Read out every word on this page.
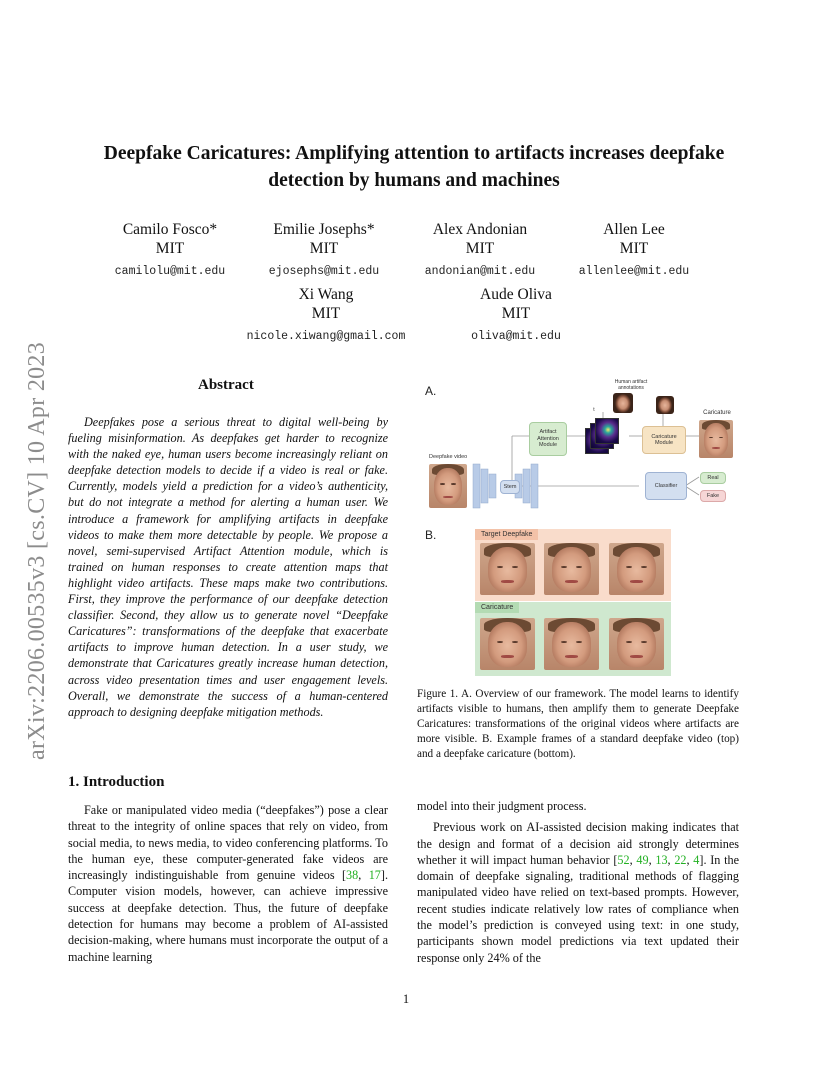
arXiv:2206.00535v3 [cs.CV] 10 Apr 2023
Deepfake Caricatures: Amplifying attention to artifacts increases deepfake detection by humans and machines
Camilo Fosco*
MIT
camilolu@mit.edu
Emilie Josephs*
MIT
ejosephs@mit.edu
Alex Andonian
MIT
andonian@mit.edu
Allen Lee
MIT
allenlee@mit.edu
Xi Wang
MIT
nicole.xiwang@gmail.com
Aude Oliva
MIT
oliva@mit.edu
Abstract

Deepfakes pose a serious threat to digital well-being by fueling misinformation. As deepfakes get harder to recognize with the naked eye, human users become increasingly reliant on deepfake detection models to decide if a video is real or fake. Currently, models yield a prediction for a video’s authenticity, but do not integrate a method for alerting a human user. We introduce a framework for amplifying artifacts in deepfake videos to make them more detectable by people. We propose a novel, semi-supervised Artifact Attention module, which is trained on human responses to create attention maps that highlight video artifacts. These maps make two contributions. First, they improve the performance of our deepfake detection classifier. Second, they allow us to generate novel “Deepfake Caricatures”: transformations of the deepfake that exacerbate artifacts to improve human detection. In a user study, we demonstrate that Caricatures greatly increase human detection, across video presentation times and user engagement levels. Overall, we demonstrate the success of a human-centered approach to designing deepfake mitigation methods.

1. Introduction

Fake or manipulated video media (“deepfakes”) pose a clear threat to the integrity of online spaces that rely on video, from social media, to news media, to video conferencing platforms. To the human eye, these computer-generated fake videos are increasingly indistinguishable from genuine videos [38, 17]. Computer vision models, however, can achieve impressive success at deepfake detection. Thus, the future of deepfake detection for humans may become a problem of AI-assisted decision-making, where humans must incorporate the output of a machine learning

model into their judgment process.

Previous work on AI-assisted decision making indicates that the design and format of a decision aid strongly determines whether it will impact human behavior [52, 49, 13, 22, 4]. In the domain of deepfake signaling, traditional methods of flagging manipulated video have relied on text-based prompts. However, recent studies indicate relatively low rates of compliance when the model’s prediction is conveyed using text: in one study, participants shown model predictions via text updated their response only 24% of the

A.
B.
Deepfake video
Stem
Artifact Attention Module
t
Human artifact annotations
Caricature Module
Caricature
Classifier
Real
Fake
Target Deepfake
Caricature
Figure 1. A. Overview of our framework. The model learns to identify artifacts visible to humans, then amplify them to generate Deepfake Caricatures: transformations of the original videos where artifacts are more visible. B. Example frames of a standard deepfake video (top) and a deepfake caricature (bottom).
1
